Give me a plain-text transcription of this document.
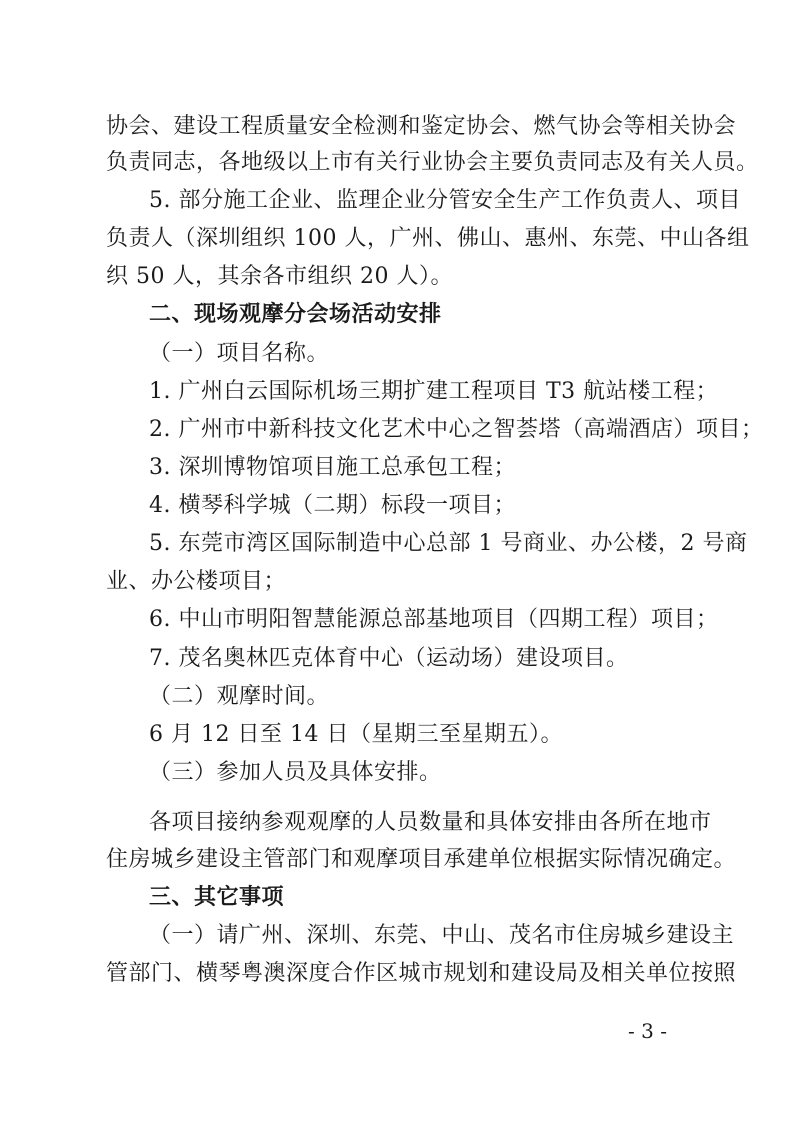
协会、建设工程质量安全检测和鉴定协会、燃气协会等相关协会
负责同志，各地级以上市有关行业协会主要负责同志及有关人员。
5. 部分施工企业、监理企业分管安全生产工作负责人、项目
负责人（深圳组织 100 人，广州、佛山、惠州、东莞、中山各组
织 50 人，其余各市组织 20 人）。
二、现场观摩分会场活动安排
（一）项目名称。
1. 广州白云国际机场三期扩建工程项目 T3 航站楼工程；
2. 广州市中新科技文化艺术中心之智荟塔（高端酒店）项目；
3. 深圳博物馆项目施工总承包工程；
4. 横琴科学城（二期）标段一项目；
5. 东莞市湾区国际制造中心总部 1 号商业、办公楼，2 号商
业、办公楼项目；
6. 中山市明阳智慧能源总部基地项目（四期工程）项目；
7. 茂名奥林匹克体育中心（运动场）建设项目。
（二）观摩时间。
6 月 12 日至 14 日（星期三至星期五）。
（三）参加人员及具体安排。
各项目接纳参观观摩的人员数量和具体安排由各所在地市
住房城乡建设主管部门和观摩项目承建单位根据实际情况确定。
三、其它事项
（一）请广州、深圳、东莞、中山、茂名市住房城乡建设主
管部门、横琴粤澳深度合作区城市规划和建设局及相关单位按照
- 3 -
